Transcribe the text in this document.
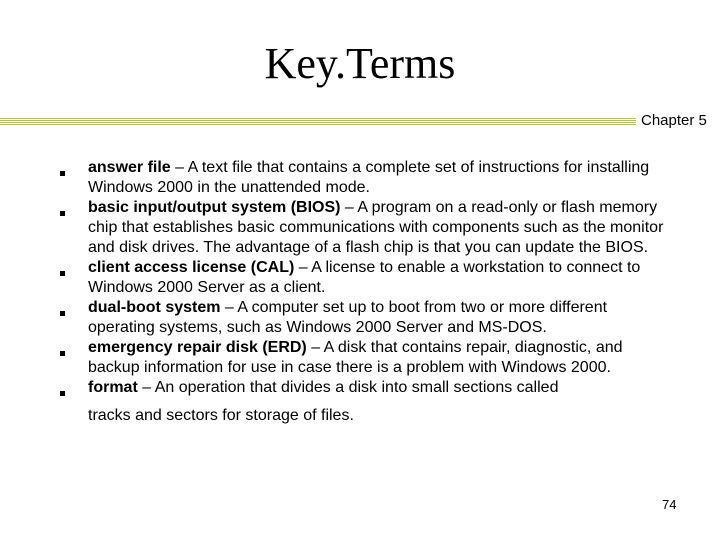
Key.Terms
Chapter 5
answer file – A text file that contains a complete set of instructions for installing Windows 2000 in the unattended mode.
basic input/output system (BIOS) – A program on a read-only or flash memory chip that establishes basic communications with components such as the monitor and disk drives. The advantage of a flash chip is that you can update the BIOS.
client access license (CAL) – A license to enable a workstation to connect to Windows 2000 Server as a client.
dual-boot system – A computer set up to boot from two or more different operating systems, such as Windows 2000 Server and MS-DOS.
emergency repair disk (ERD) – A disk that contains repair, diagnostic, and backup information for use in case there is a problem with Windows 2000.
format – An operation that divides a disk into small sections called
tracks and sectors for storage of files.
74
